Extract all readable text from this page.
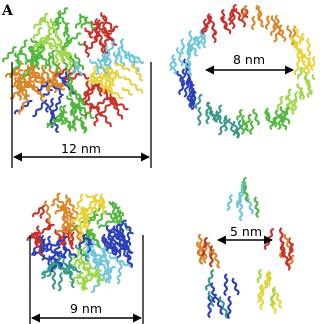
A
12 nm
8 nm
9 nm
5 nm
